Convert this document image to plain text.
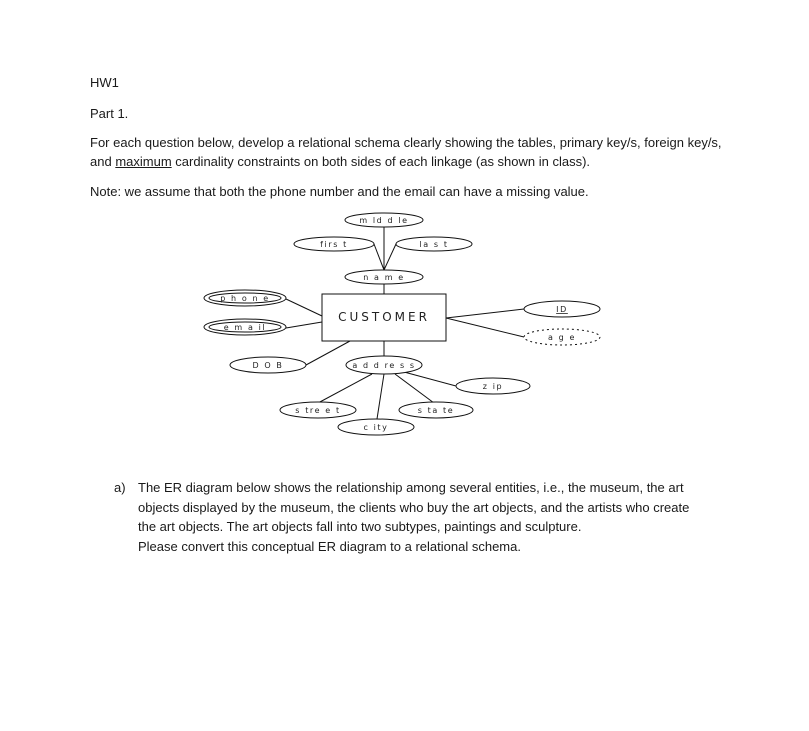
HW1

Part 1.

For each question below, develop a relational schema clearly showing the tables, primary key/s, foreign key/s, and maximum cardinality constraints on both sides of each linkage (as shown in class).

Note: we assume that both the phone number and the email can have a missing value.

CUSTOMER
m ld d le
firs t	la s t
n a m e
p h o n e
e m a il
D O B
ID
a g e
a d d re s s
z ip
s tre e t	s ta te
c ity
a) The ER diagram below shows the relationship among several entities, i.e., the museum, the art
objects displayed by the museum, the clients who buy the art objects, and the artists who create
the art objects. The art objects fall into two subtypes, paintings and sculpture.
Please convert this conceptual ER diagram to a relational schema.
